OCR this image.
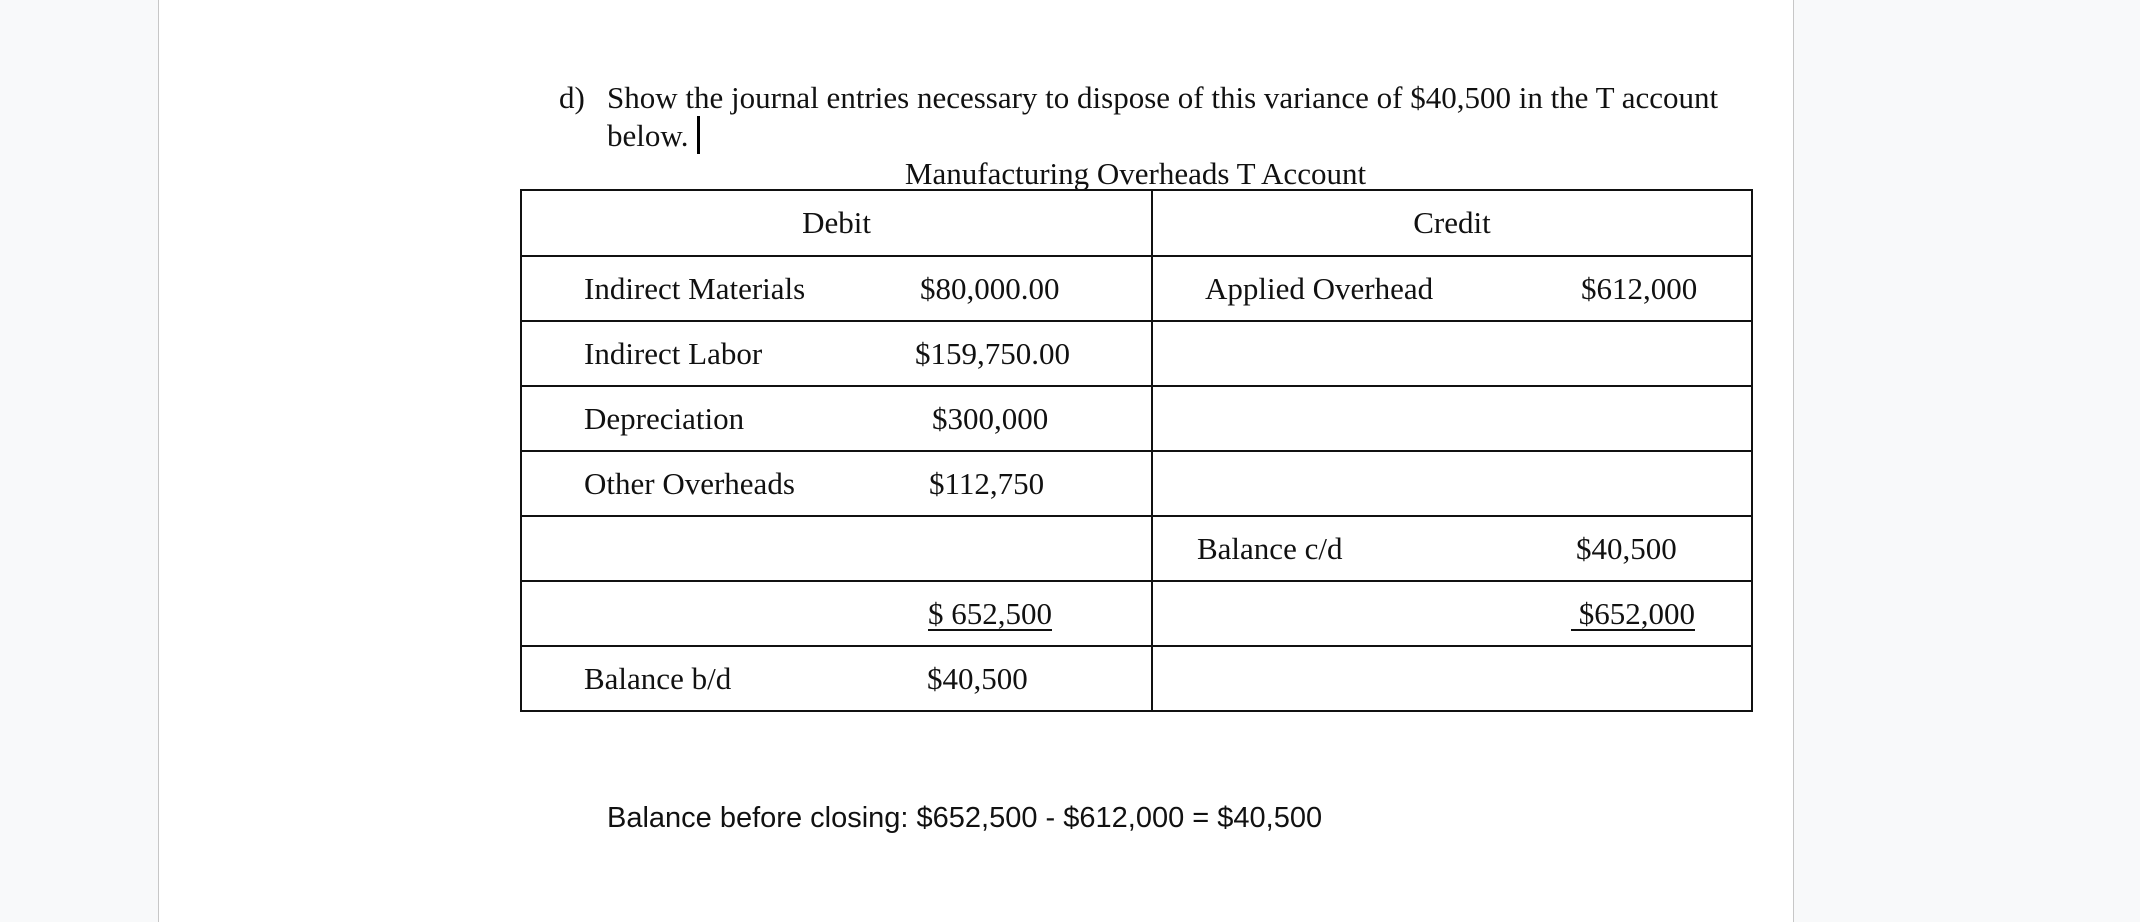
d) Show the journal entries necessary to dispose of this variance of $40,500 in the T account below.
Manufacturing Overheads T Account
Debit	Credit

Indirect Materials $80,000.00	Applied Overhead $612,000

Indirect Labor $159,750.00	

Depreciation $300,000	

Other Overheads $112,750	

	Balance c/d $40,500

$ 652,500	$652,000

Balance b/d $40,500	

Balance before closing: $652,500 - $612,000 = $40,500
